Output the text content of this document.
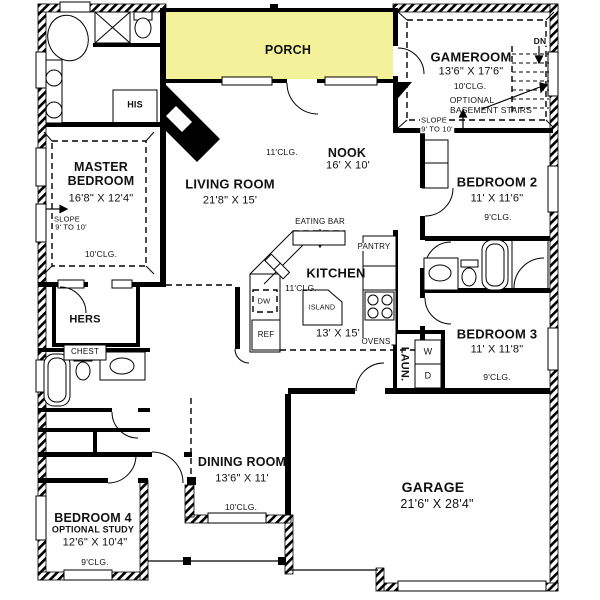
PORCH	GAMEROOM
13'6" X 17'6"
10'CLG.
OPTIONAL
BASEMENT STAIRS
DN
SLOPE
9' TO 10'
MASTER
BEDROOM
16'8" X 12'4"
SLOPE
9' TO 10'
10'CLG.
HIS
HERS
CHEST
LIVING ROOM
21'8" X 15'
11'CLG. NOOK
16' X 10'
EATING BAR
PANTRY
KITCHEN
11'CLG.
ISLAND
13' X 15'
OVENS
DW
REF
BEDROOM 2
11' X 11'6"
9'CLG.
BEDROOM 3
11' X 11'8"
9'CLG.
LAUN. W
D
BEDROOM 4
OPTIONAL STUDY
12'6" X 10'4"
9'CLG.
DINING ROOM
13'6" X 11'
10'CLG.
GARAGE
21'6" X 28'4"
